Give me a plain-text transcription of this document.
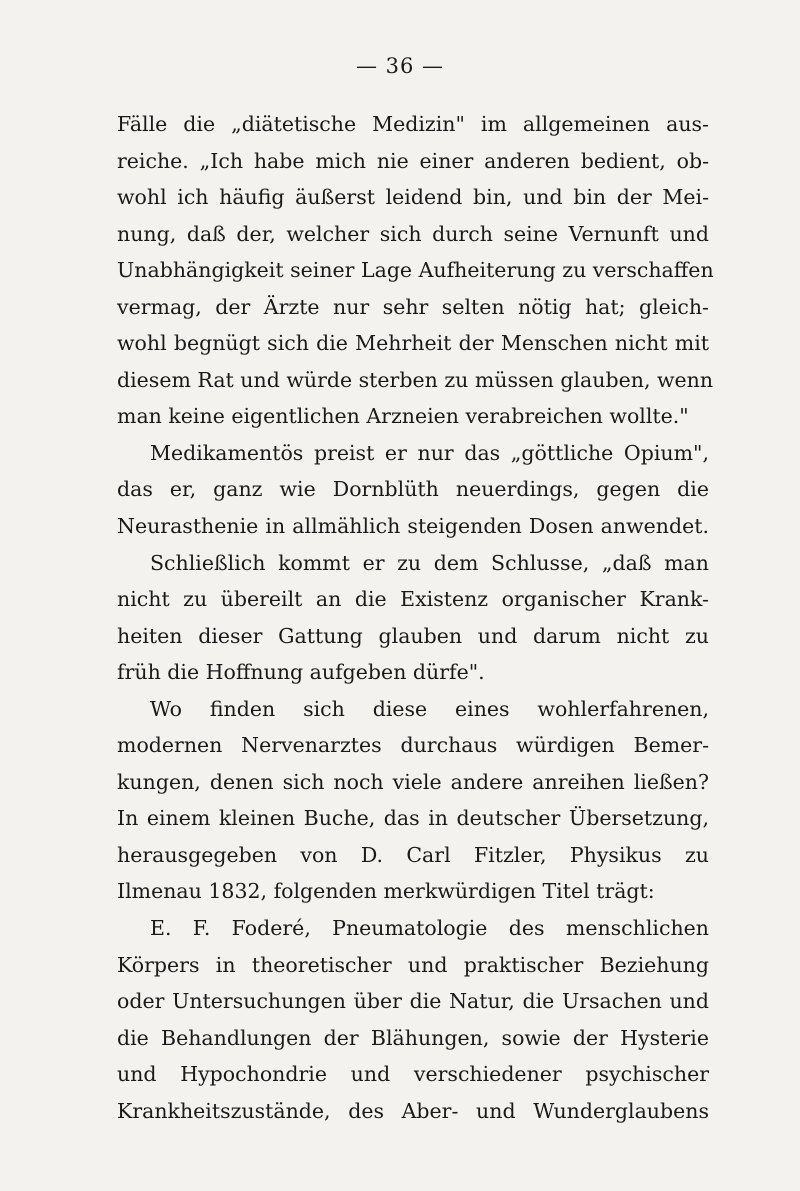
— 36 —
Fälle die „diätetische Medizin" im allgemeinen aus-
reiche. „Ich habe mich nie einer anderen bedient, ob-
wohl ich häufig äußerst leidend bin, und bin der Mei-
nung, daß der, welcher sich durch seine Vernunft und
Unabhängigkeit seiner Lage Aufheiterung zu verschaffen
vermag, der Ärzte nur sehr selten nötig hat; gleich-
wohl begnügt sich die Mehrheit der Menschen nicht mit
diesem Rat und würde sterben zu müssen glauben, wenn
man keine eigentlichen Arzneien verabreichen wollte."
Medikamentös preist er nur das „göttliche Opium",
das er, ganz wie Dornblüth neuerdings, gegen die
Neurasthenie in allmählich steigenden Dosen anwendet.
Schließlich kommt er zu dem Schlusse, „daß man
nicht zu übereilt an die Existenz organischer Krank-
heiten dieser Gattung glauben und darum nicht zu
früh die Hoffnung aufgeben dürfe".
Wo finden sich diese eines wohlerfahrenen,
modernen Nervenarztes durchaus würdigen Bemer-
kungen, denen sich noch viele andere anreihen ließen?
In einem kleinen Buche, das in deutscher Übersetzung,
herausgegeben von D. Carl Fitzler, Physikus zu
Ilmenau 1832, folgenden merkwürdigen Titel trägt:
E. F. Foderé, Pneumatologie des menschlichen
Körpers in theoretischer und praktischer Beziehung
oder Untersuchungen über die Natur, die Ursachen und
die Behandlungen der Blähungen, sowie der Hysterie
und Hypochondrie und verschiedener psychischer
Krankheitszustände, des Aber- und Wunderglaubens
